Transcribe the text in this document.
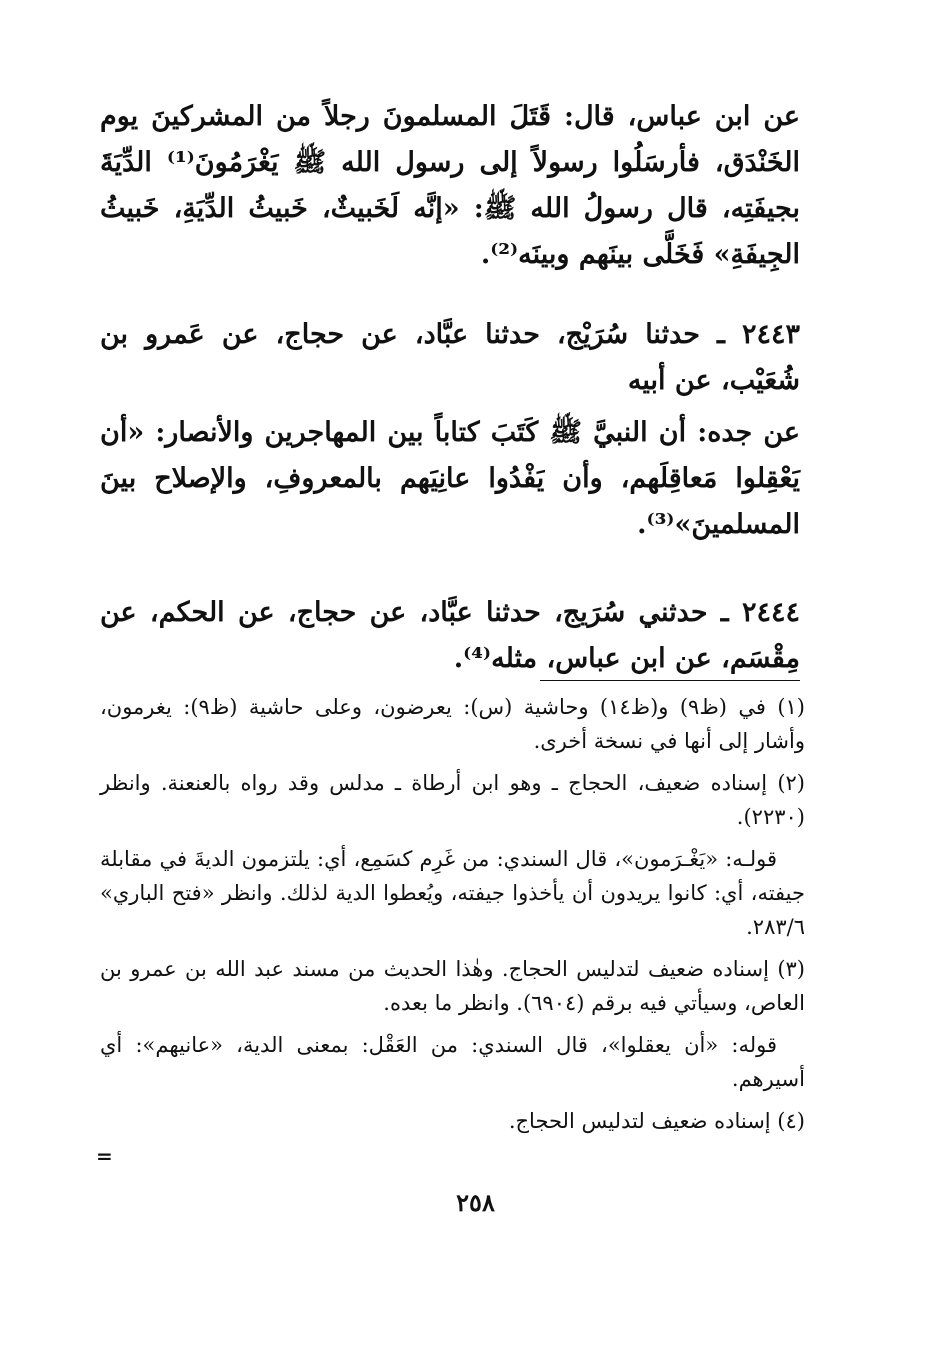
عن ابن عباس، قال: قَتَلَ المسلمونَ رجلاً من المشركينَ يوم الخَنْدَق، فأرسَلُوا رسولاً إلى رسول الله ﷺ يَغْرَمُونَ⁽¹⁾ الدِّيَةَ بجيفَتِه، قال رسولُ الله ﷺ: «إنَّه لَخَبيثٌ، خَبيثُ الدِّيَةِ، خَبيثُ الجِيفَةِ» فَخَلَّى بينَهم وبينَه⁽²⁾.

٢٤٤٣ ـ حدثنا سُرَيْج، حدثنا عبَّاد، عن حجاج، عن عَمرو بن شُعَيْب، عن أبيه

عن جده: أن النبيَّ ﷺ كَتَبَ كتاباً بين المهاجرين والأنصار: «أن يَعْقِلوا مَعاقِلَهم، وأن يَفْدُوا عانِيَهم بالمعروفِ، والإصلاح بينَ المسلمينَ»⁽³⁾.

٢٤٤٤ ـ حدثني سُرَيج، حدثنا عبَّاد، عن حجاج، عن الحكم، عن مِقْسَم، عن ابن عباس، مثله⁽⁴⁾.

(١) في (ظ٩) و(ظ١٤) وحاشية (س): يعرضون، وعلى حاشية (ظ٩): يغرمون، وأشار إلى أنها في نسخة أخرى.

(٢) إسناده ضعيف، الحجاج ـ وهو ابن أرطاة ـ مدلس وقد رواه بالعنعنة. وانظر (٢٢٣٠).

قولـه: «يَغْـرَمون»، قال السندي: من غَرِم كسَمِع، أي: يلتزمون الديةَ في مقابلة جيفته، أي: كانوا يريدون أن يأخذوا جيفته، ويُعطوا الدية لذلك. وانظر «فتح الباري» ٢٨٣/٦.

(٣) إسناده ضعيف لتدليس الحجاج. وهٰذا الحديث من مسند عبد الله بن عمرو بن العاص، وسيأتي فيه برقم (٦٩٠٤). وانظر ما بعده.

قوله: «أن يعقلوا»، قال السندي: من العَقْل: بمعنى الدية، «عانيهم»: أي أسيرهم.

(٤) إسناده ضعيف لتدليس الحجاج.

=
٢٥٨
